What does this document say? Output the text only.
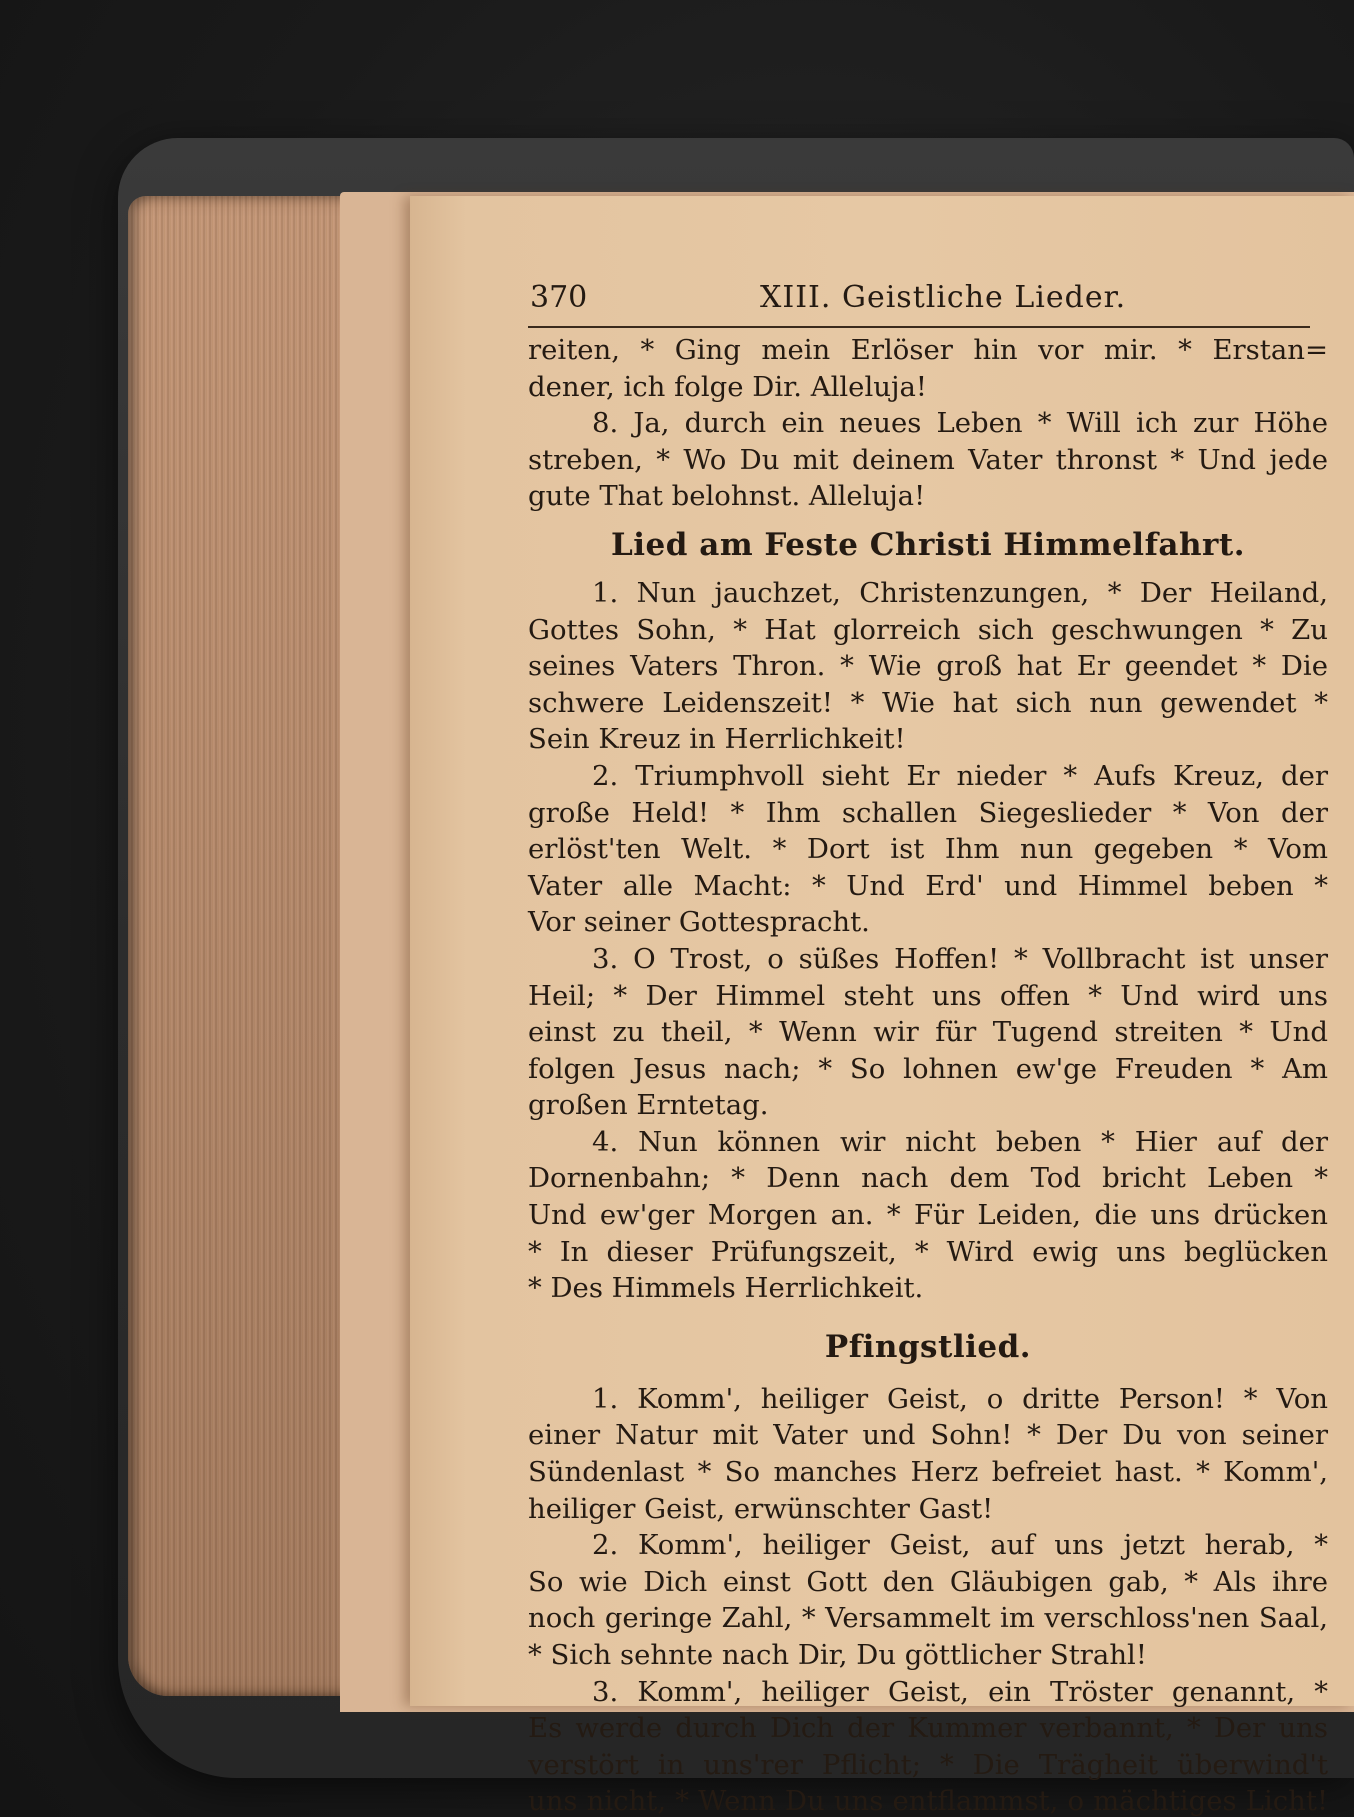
370	XIII. Geistliche Lieder.
reiten, * Ging mein Erlöser hin vor mir. * Erstan=
dener, ich folge Dir. Alleluja!
8. Ja, durch ein neues Leben * Will ich zur Höhe
streben, * Wo Du mit deinem Vater thronst * Und jede
gute That belohnst. Alleluja!
Lied am Feste Christi Himmelfahrt.
1. Nun jauchzet, Christenzungen, * Der Heiland,
Gottes Sohn, * Hat glorreich sich geschwungen * Zu
seines Vaters Thron. * Wie groß hat Er geendet * Die
schwere Leidenszeit! * Wie hat sich nun gewendet *
Sein Kreuz in Herrlichkeit!
2. Triumphvoll sieht Er nieder * Aufs Kreuz, der
große Held! * Ihm schallen Siegeslieder * Von der
erlöst'ten Welt. * Dort ist Ihm nun gegeben * Vom
Vater alle Macht: * Und Erd' und Himmel beben *
Vor seiner Gottespracht.
3. O Trost, o süßes Hoffen! * Vollbracht ist unser
Heil; * Der Himmel steht uns offen * Und wird uns
einst zu theil, * Wenn wir für Tugend streiten * Und
folgen Jesus nach; * So lohnen ew'ge Freuden * Am
großen Erntetag.
4. Nun können wir nicht beben * Hier auf der
Dornenbahn; * Denn nach dem Tod bricht Leben *
Und ew'ger Morgen an. * Für Leiden, die uns drücken
* In dieser Prüfungszeit, * Wird ewig uns beglücken
* Des Himmels Herrlichkeit.
Pfingstlied.
1. Komm', heiliger Geist, o dritte Person! * Von
einer Natur mit Vater und Sohn! * Der Du von seiner
Sündenlast * So manches Herz befreiet hast. * Komm',
heiliger Geist, erwünschter Gast!
2. Komm', heiliger Geist, auf uns jetzt herab, *
So wie Dich einst Gott den Gläubigen gab, * Als ihre
noch geringe Zahl, * Versammelt im verschloss'nen Saal,
* Sich sehnte nach Dir, Du göttlicher Strahl!
3. Komm', heiliger Geist, ein Tröster genannt, *
Es werde durch Dich der Kummer verbannt, * Der uns
verstört in uns'rer Pflicht; * Die Trägheit überwind't
uns nicht, * Wenn Du uns entflammst, o mächtiges Licht!
